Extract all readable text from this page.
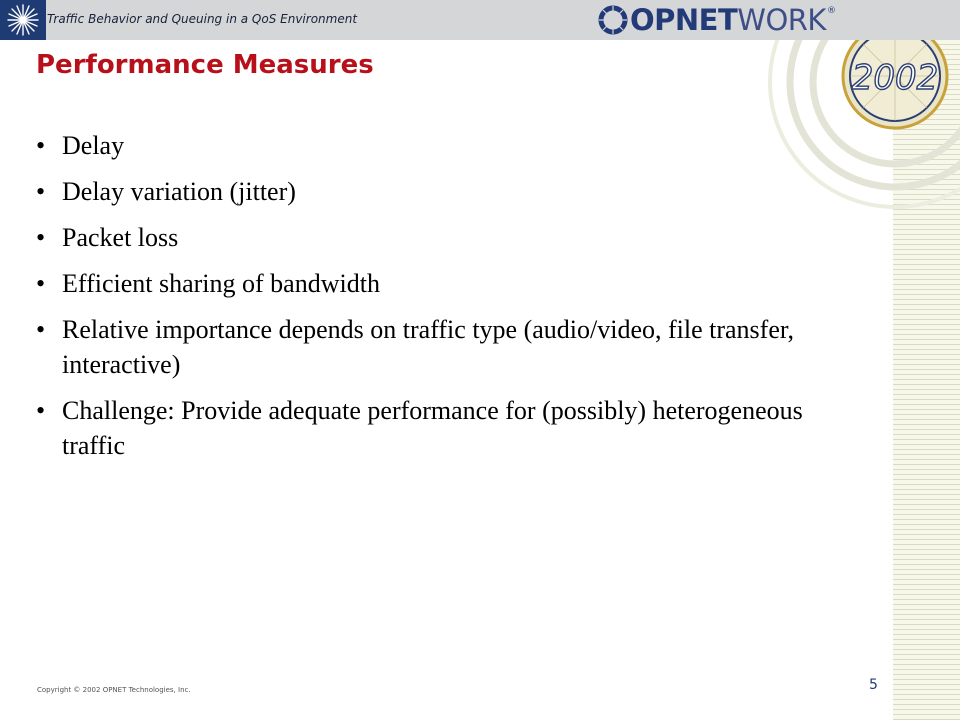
Traffic Behavior and Queuing in a QoS Environment	OPNET WORK ®
2002
Performance Measures
• Delay
• Delay variation (jitter)
• Packet loss
• Efficient sharing of bandwidth
• Relative importance depends on traffic type (audio/video, file transfer, interactive)
• Challenge: Provide adequate performance for (possibly) heterogeneous traffic
Copyright © 2002 OPNET Technologies, Inc.	5
